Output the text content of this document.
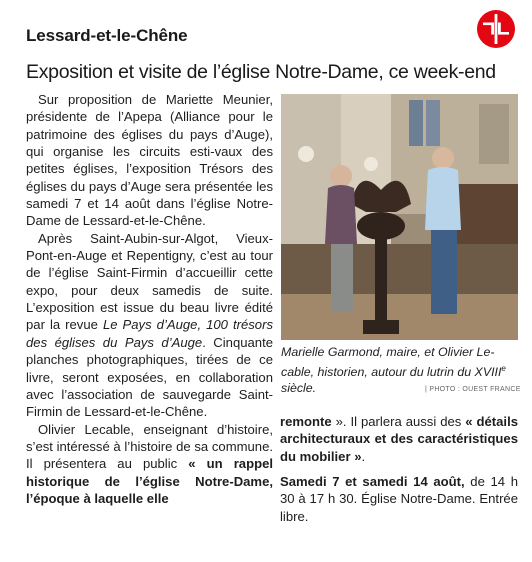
Lessard-et-le-Chêne
Exposition et visite de l’église Notre-Dame, ce week-end

Sur proposition de Mariette Meunier, présidente de l’Apepa (Alliance pour le patrimoine des églises du pays d’Auge), qui organise les circuits esti-vaux des petites églises, l’exposition Trésors des églises du pays d’Auge sera présentée les samedi 7 et 14 août dans l’église Notre-Dame de Lessard-et-le-Chêne.

Après Saint-Aubin-sur-Algot, Vieux-Pont-en-Auge et Repentigny, c’est au tour de l’église Saint-Firmin d’accueillir cette expo, pour deux samedis de suite. L’exposition est issue du beau livre édité par la revue Le Pays d’Auge, 100 trésors des églises du Pays d’Auge. Cinquante planches photographiques, tirées de ce livre, seront exposées, en collaboration avec l’association de sauvegarde Saint-Firmin de Lessard-et-le-Chêne.

Olivier Lecable, enseignant d’histoire, s’est intéressé à l’histoire de sa commune. Il présentera au public « un rappel historique de l’église Notre-Dame, l’époque à laquelle elle

Marielle Garmond, maire, et Olivier Le-cable, historien, autour du lutrin du XVIIIe siècle.	| PHOTO : OUEST FRANCE

remonte ». Il parlera aussi des « détails architecturaux et des caractéristiques du mobilier ».

Samedi 7 et samedi 14 août, de 14 h 30 à 17 h 30. Église Notre-Dame. Entrée libre.
